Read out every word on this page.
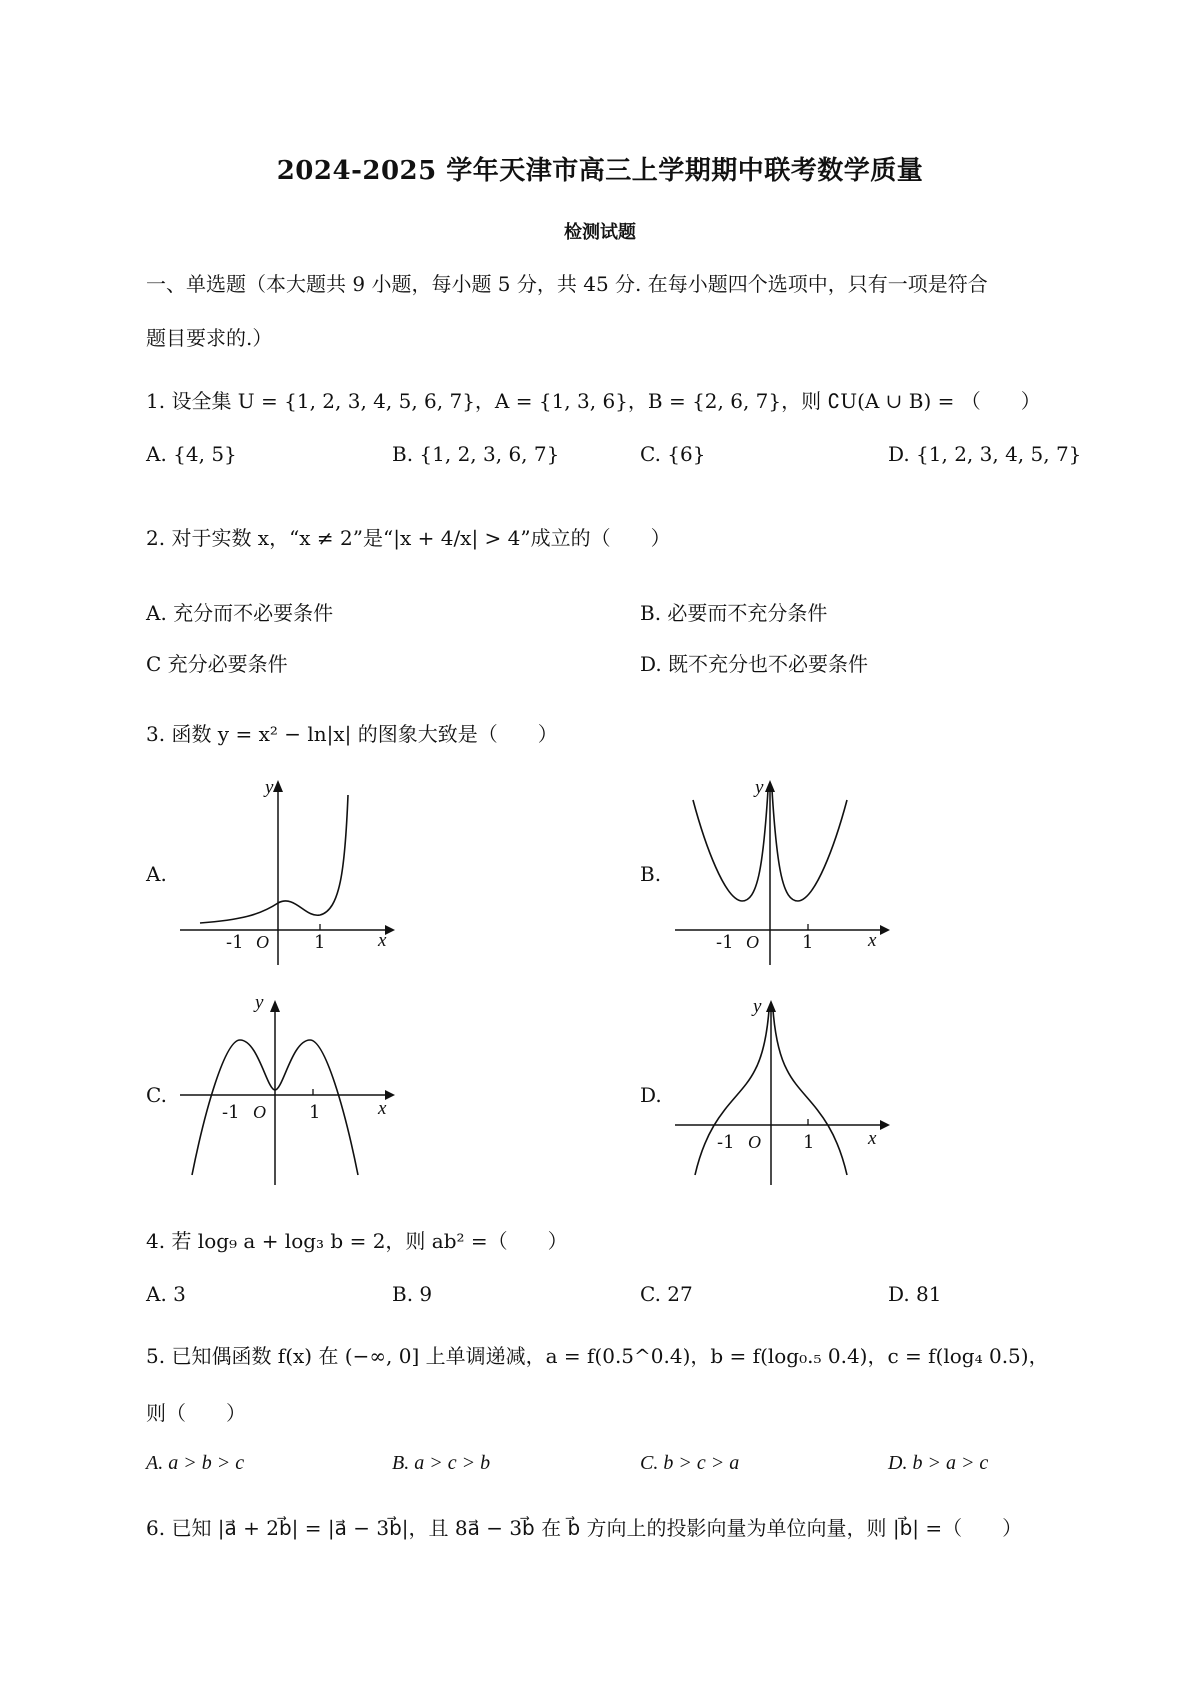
2024-2025 学年天津市高三上学期期中联考数学质量
检测试题
一、单选题（本大题共 9 小题，每小题 5 分，共 45 分. 在每小题四个选项中，只有一项是符合
题目要求的.）
1. 设全集 U = {1, 2, 3, 4, 5, 6, 7}，A = {1, 3, 6}，B = {2, 6, 7}，则 ∁U(A ∪ B) = （　　）
A. {4, 5}	B. {1, 2, 3, 6, 7}	C. {6}	D. {1, 2, 3, 4, 5, 7}
2. 对于实数 x，“x ≠ 2”是“|x + 4/x| > 4”成立的（　　）
A. 充分而不必要条件	B. 必要而不充分条件
C 充分必要条件	D. 既不充分也不必要条件
3. 函数 y = x² − ln|x| 的图象大致是（　　）
A.
y
x
-1 O	1
B.
y
x
-1 O 1
C.
y
x
-1 O 1
D.
y
x
-1 O 1
4. 若 log₉ a + log₃ b = 2，则 ab² =（　　）
A. 3	B. 9	C. 27	D. 81
5. 已知偶函数 f(x) 在 (−∞, 0] 上单调递减，a = f(0.5^0.4)，b = f(log₀.₅ 0.4)，c = f(log₄ 0.5)，
则（　　）
A. a > b > c	B. a > c > b	C. b > c > a	D. b > a > c
6. 已知 |a⃗ + 2b⃗| = |a⃗ − 3b⃗|，且 8a⃗ − 3b⃗ 在 b⃗ 方向上的投影向量为单位向量，则 |b⃗| =（　　）
